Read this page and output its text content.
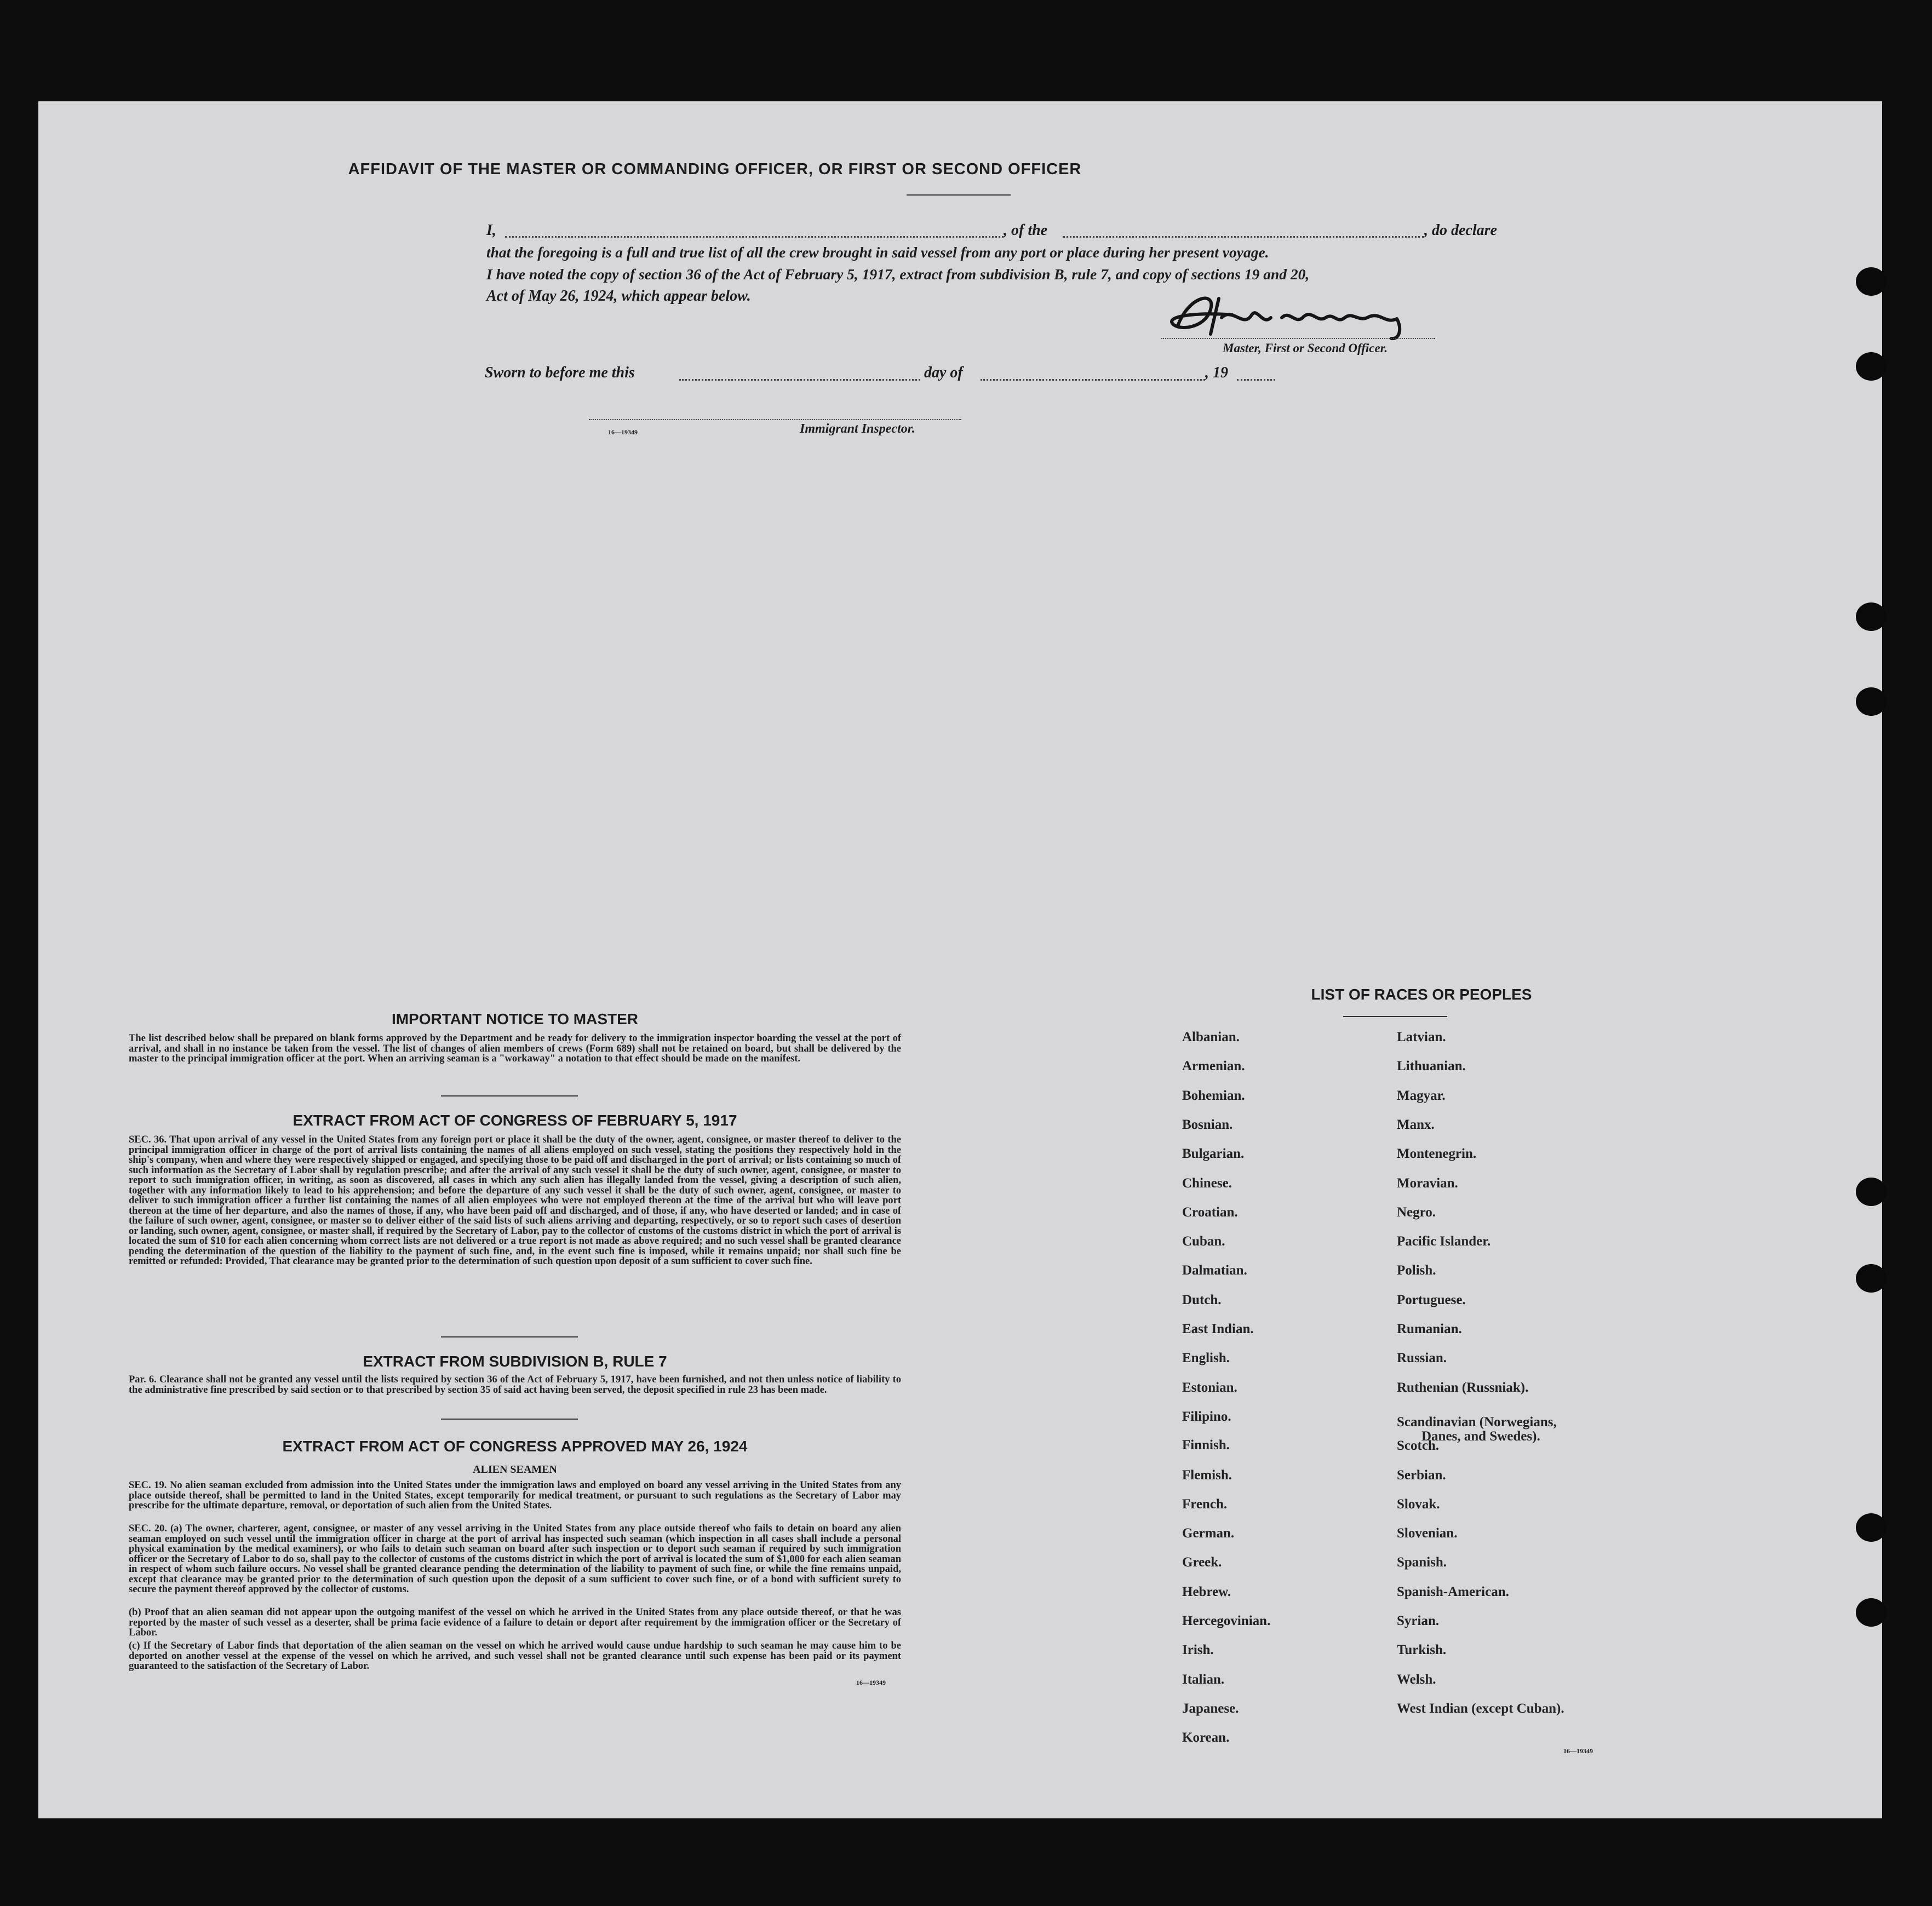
AFFIDAVIT OF THE MASTER OR COMMANDING OFFICER, OR FIRST OR SECOND OFFICER
I,	, of the	, do declare
that the foregoing is a full and true list of all the crew brought in said vessel from any port or place during her present voyage.
I have noted the copy of section 36 of the Act of February 5, 1917, extract from subdivision B, rule 7, and copy of sections 19 and 20,
Act of May 26, 1924, which appear below.
Master, First or Second Officer.
Sworn to before me this	day of	, 19
16—19349	Immigrant Inspector.
IMPORTANT NOTICE TO MASTER
The list described below shall be prepared on blank forms approved by the Department and be ready for delivery to the immigration inspector boarding the vessel at the port of arrival, and shall in no instance be taken from the vessel. The list of changes of alien members of crews (Form 689) shall not be retained on board, but shall be delivered by the master to the principal immigration officer at the port. When an arriving seaman is a "workaway" a notation to that effect should be made on the manifest.
EXTRACT FROM ACT OF CONGRESS OF FEBRUARY 5, 1917
SEC. 36. That upon arrival of any vessel in the United States from any foreign port or place it shall be the duty of the owner, agent, consignee, or master thereof to deliver to the principal immigration officer in charge of the port of arrival lists containing the names of all aliens employed on such vessel, stating the positions they respectively hold in the ship's company, when and where they were respectively shipped or engaged, and specifying those to be paid off and discharged in the port of arrival; or lists containing so much of such information as the Secretary of Labor shall by regulation prescribe; and after the arrival of any such vessel it shall be the duty of such owner, agent, consignee, or master to report to such immigration officer, in writing, as soon as discovered, all cases in which any such alien has illegally landed from the vessel, giving a description of such alien, together with any information likely to lead to his apprehension; and before the departure of any such vessel it shall be the duty of such owner, agent, consignee, or master to deliver to such immigration officer a further list containing the names of all alien employees who were not employed thereon at the time of the arrival but who will leave port thereon at the time of her departure, and also the names of those, if any, who have been paid off and discharged, and of those, if any, who have deserted or landed; and in case of the failure of such owner, agent, consignee, or master so to deliver either of the said lists of such aliens arriving and departing, respectively, or so to report such cases of desertion or landing, such owner, agent, consignee, or master shall, if required by the Secretary of Labor, pay to the collector of customs of the customs district in which the port of arrival is located the sum of $10 for each alien concerning whom correct lists are not delivered or a true report is not made as above required; and no such vessel shall be granted clearance pending the determination of the question of the liability to the payment of such fine, and, in the event such fine is imposed, while it remains unpaid; nor shall such fine be remitted or refunded: Provided, That clearance may be granted prior to the determination of such question upon deposit of a sum sufficient to cover such fine.
EXTRACT FROM SUBDIVISION B, RULE 7
Par. 6. Clearance shall not be granted any vessel until the lists required by section 36 of the Act of February 5, 1917, have been furnished, and not then unless notice of liability to the administrative fine prescribed by said section or to that prescribed by section 35 of said act having been served, the deposit specified in rule 23 has been made.
EXTRACT FROM ACT OF CONGRESS APPROVED MAY 26, 1924
ALIEN SEAMEN
SEC. 19. No alien seaman excluded from admission into the United States under the immigration laws and employed on board any vessel arriving in the United States from any place outside thereof, shall be permitted to land in the United States, except temporarily for medical treatment, or pursuant to such regulations as the Secretary of Labor may prescribe for the ultimate departure, removal, or deportation of such alien from the United States.
SEC. 20. (a) The owner, charterer, agent, consignee, or master of any vessel arriving in the United States from any place outside thereof who fails to detain on board any alien seaman employed on such vessel until the immigration officer in charge at the port of arrival has inspected such seaman (which inspection in all cases shall include a personal physical examination by the medical examiners), or who fails to detain such seaman on board after such inspection or to deport such seaman if required by such immigration officer or the Secretary of Labor to do so, shall pay to the collector of customs of the customs district in which the port of arrival is located the sum of $1,000 for each alien seaman in respect of whom such failure occurs. No vessel shall be granted clearance pending the determination of the liability to payment of such fine, or while the fine remains unpaid, except that clearance may be granted prior to the determination of such question upon the deposit of a sum sufficient to cover such fine, or of a bond with sufficient surety to secure the payment thereof approved by the collector of customs.
(b) Proof that an alien seaman did not appear upon the outgoing manifest of the vessel on which he arrived in the United States from any place outside thereof, or that he was reported by the master of such vessel as a deserter, shall be prima facie evidence of a failure to detain or deport after requirement by the immigration officer or the Secretary of Labor.
(c) If the Secretary of Labor finds that deportation of the alien seaman on the vessel on which he arrived would cause undue hardship to such seaman he may cause him to be deported on another vessel at the expense of the vessel on which he arrived, and such vessel shall not be granted clearance until such expense has been paid or its payment guaranteed to the satisfaction of the Secretary of Labor.
16—19349
LIST OF RACES OR PEOPLES
16—19349
Albanian.
Armenian.
Bohemian.
Bosnian.
Bulgarian.
Chinese.
Croatian.
Cuban.
Dalmatian.
Dutch.
East Indian.
English.
Estonian.
Filipino.
Finnish.
Flemish.
French.
German.
Greek.
Hebrew.
Hercegovinian.
Irish.
Italian.
Japanese.
Korean.
Latvian.
Lithuanian.
Magyar.
Manx.
Montenegrin.
Moravian.
Negro.
Pacific Islander.
Polish.
Portuguese.
Rumanian.
Russian.
Ruthenian (Russniak).
Scandinavian (Norwegians,
Danes, and Swedes).
Scotch.
Serbian.
Slovak.
Slovenian.
Spanish.
Spanish-American.
Syrian.
Turkish.
Welsh.
West Indian (except Cuban).
